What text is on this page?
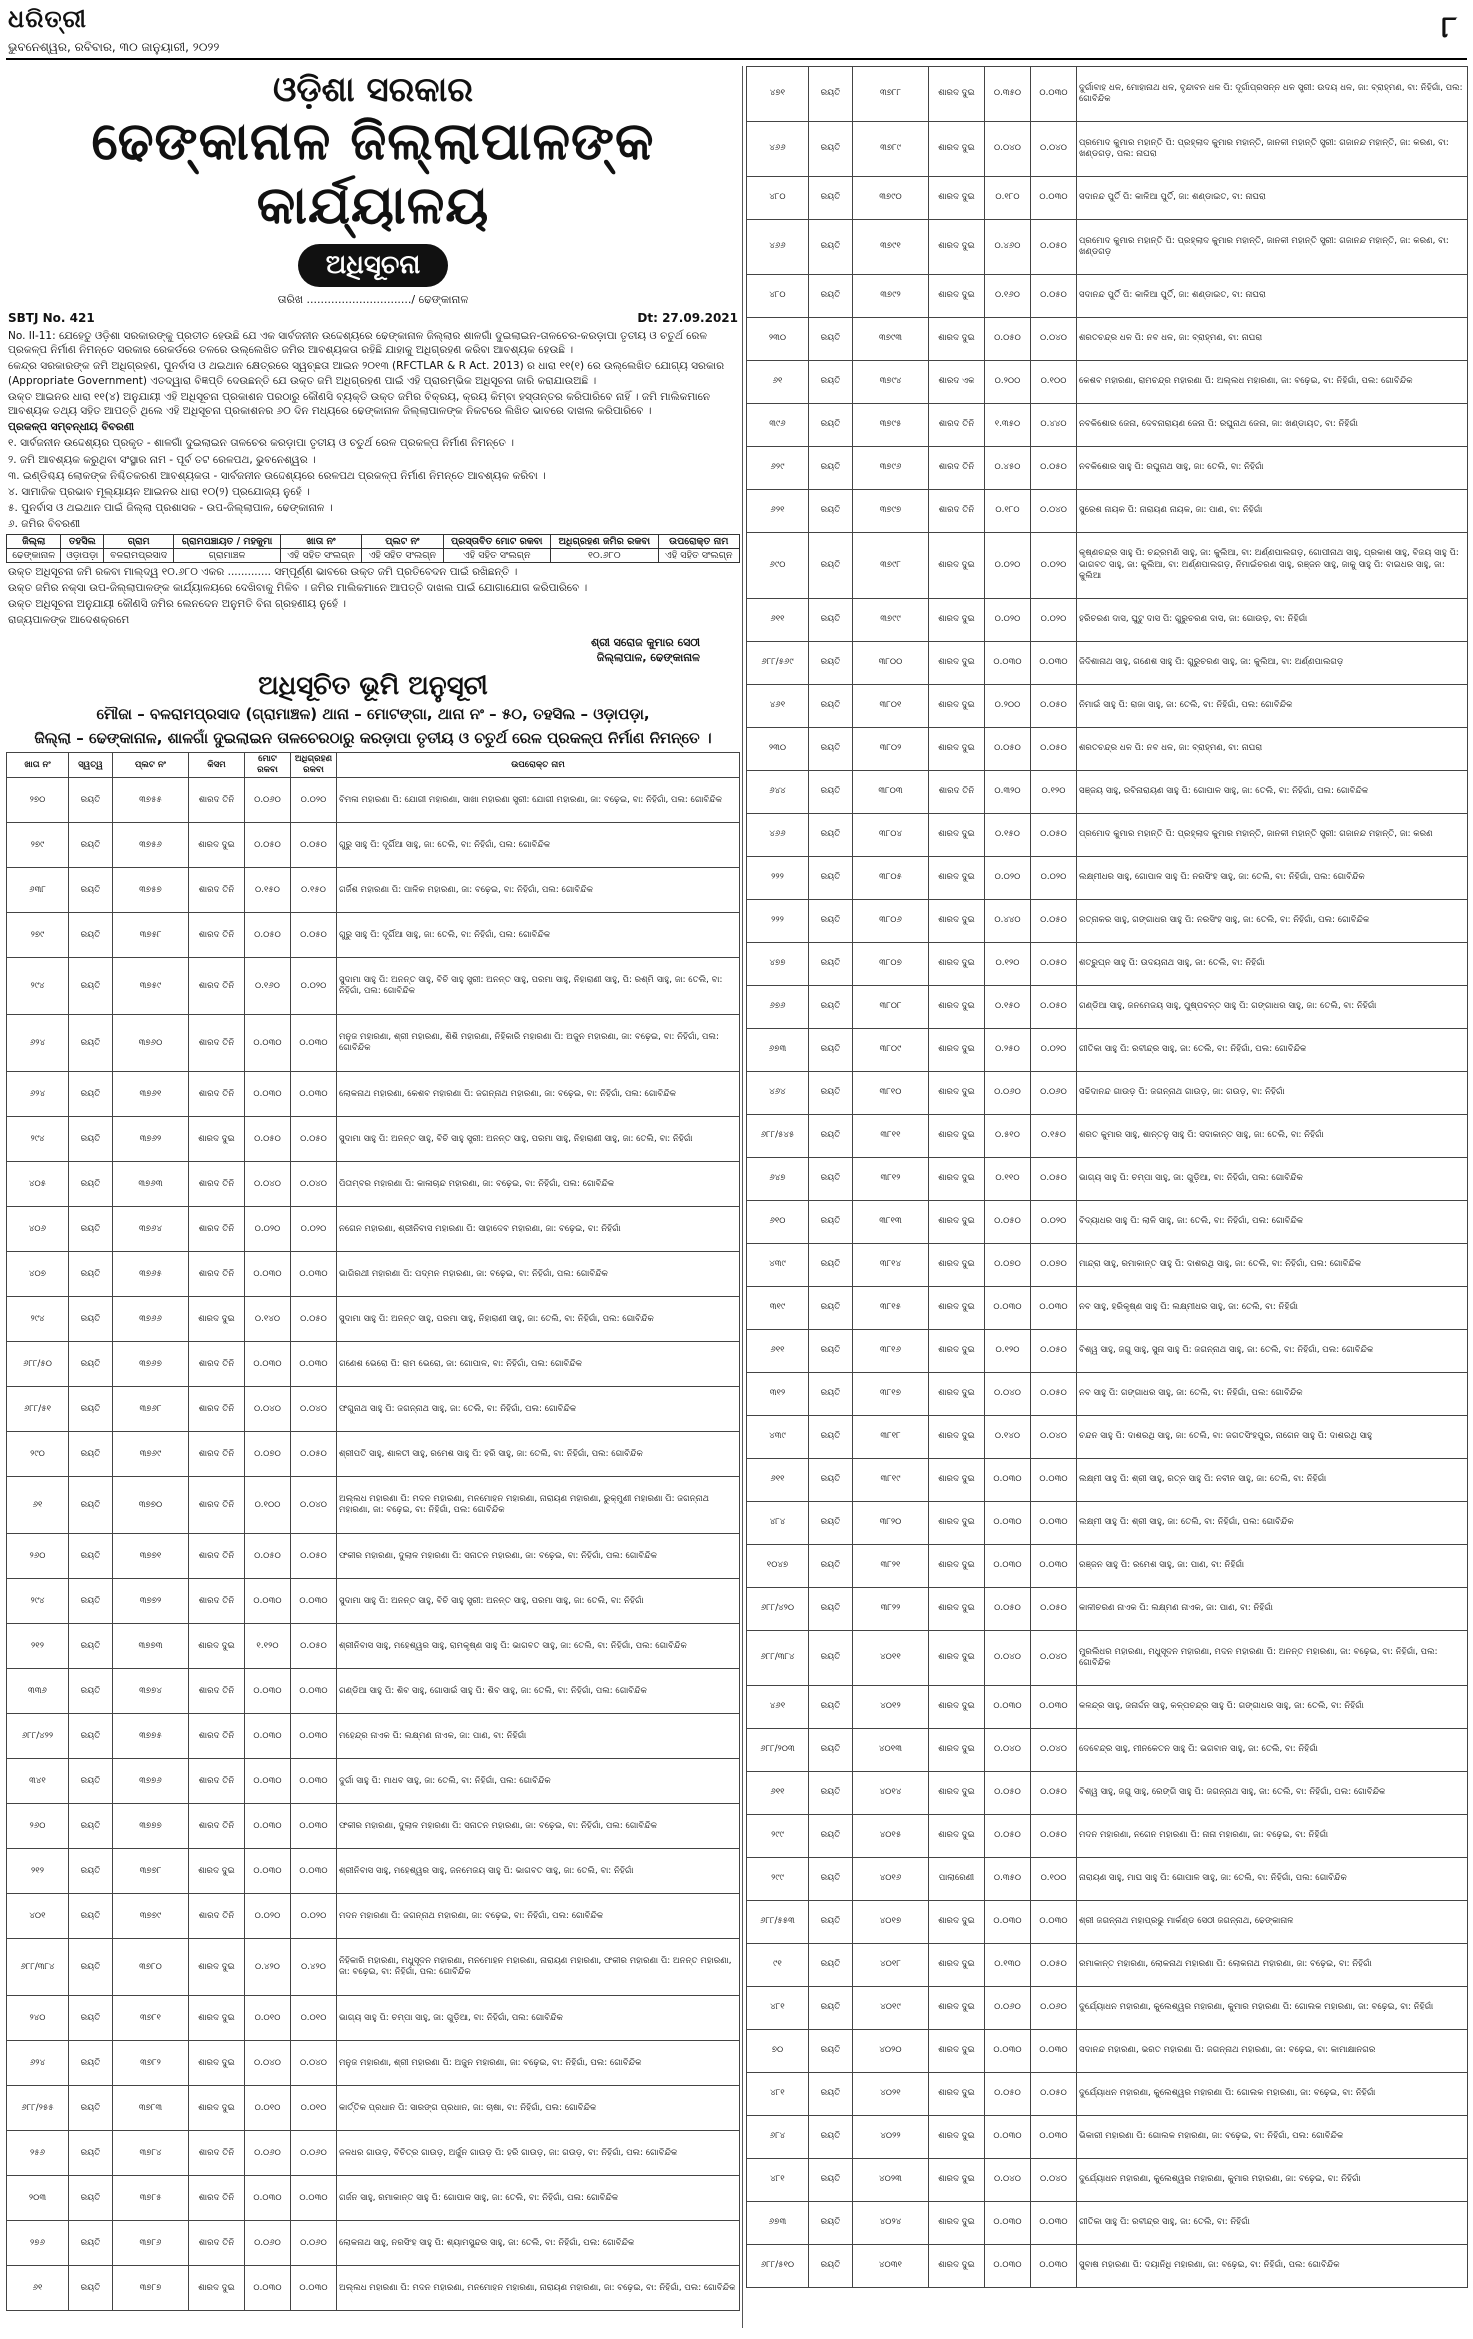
ଧରିତ୍ରୀ
ଭୁବନେଶ୍ୱର, ରବିବାର, ୩୦ ଜାନୁୟାରୀ, ୨୦୨୨
୮
ଓଡ଼ିଶା ସରକାର
ଢେଙ୍କାନାଳ ଜିଲ୍ଲାପାଳଙ୍କ କାର୍ଯ୍ୟାଳୟ
ଅଧିସୂଚନା
ତାରିଖ ............................../ ଢେଙ୍କାନାଳ
SBTJ No. 421	Dt: 27.09.2021
No. II-11: ଯେହେତୁ ଓଡ଼ିଶା ସରକାରଙ୍କୁ ପ୍ରତୀତ ହେଉଛି ଯେ ଏକ ସାର୍ବଜନୀନ ଉଦ୍ଦେଶ୍ୟରେ ଢେଙ୍କାନାଳ ଜିଲ୍ଲାର ଶାଳଗାଁ ଦୁଇଲାଇନ-ତାଳଚେର-କରଡ଼ାପା ତୃତୀୟ ଓ ଚତୁର୍ଥ ରେଳ ପ୍ରକଳ୍ପ ନିର୍ମାଣ ନିମନ୍ତେ ସରକାର ରେକର୍ଡରେ ତଳରେ ଉଲ୍ଲେଖିତ ଜମିର ଆବଶ୍ୟକତା ରହିଛି ଯାହାକୁ ଅଧିଗ୍ରହଣ କରିବା ଆବଶ୍ୟକ ହେଉଛି ।
କେନ୍ଦ୍ର ସରକାରଙ୍କ ଜମି ଅଧିଗ୍ରହଣ, ପୁନର୍ବାସ ଓ ଥଇଥାନ କ୍ଷେତ୍ରରେ ସ୍ୱଚ୍ଛତା ଆଇନ ୨୦୧୩ (RFCTLAR & R Act. 2013) ର ଧାରା ୧୧(୧) ରେ ଉଲ୍ଲେଖିତ ଯୋଗ୍ୟ ସରକାର (Appropriate Government) ଏତଦ୍ୱାରା ବିଜ୍ଞପ୍ତି ଦେଉଛନ୍ତି ଯେ ଉକ୍ତ ଜମି ଅଧିଗ୍ରହଣ ପାଇଁ ଏହି ପ୍ରାରମ୍ଭିକ ଅଧିସୂଚନା ଜାରି କରାଯାଉଅଛି ।
ଉକ୍ତ ଆଇନର ଧାରା ୧୧(୪) ଅନୁଯାୟୀ ଏହି ଅଧିସୂଚନା ପ୍ରକାଶନ ପରଠାରୁ କୌଣସି ବ୍ୟକ୍ତି ଉକ୍ତ ଜମିର ବିକ୍ରୟ, କ୍ରୟ କିମ୍ବା ହସ୍ତାନ୍ତର କରିପାରିବେ ନାହିଁ । ଜମି ମାଲିକମାନେ ଆବଶ୍ୟକ ତଥ୍ୟ ସହିତ ଆପତ୍ତି ଥିଲେ ଏହି ଅଧିସୂଚନା ପ୍ରକାଶନର ୬୦ ଦିନ ମଧ୍ୟରେ ଢେଙ୍କାନାଳ ଜିଲ୍ଲାପାଳଙ୍କ ନିକଟରେ ଲିଖିତ ଭାବରେ ଦାଖଲ କରିପାରିବେ ।
ପ୍ରକଳ୍ପ ସମ୍ବନ୍ଧୀୟ ବିବରଣୀ
୧. ସାର୍ବଜନୀନ ଉଦ୍ଦେଶ୍ୟର ପ୍ରକୃତ - ଶାଳଗାଁ ଦୁଇଲାଇନ ତାଳଚେର କରଡ଼ାପା ତୃତୀୟ ଓ ଚତୁର୍ଥ ରେଳ ପ୍ରକଳ୍ପ ନିର୍ମାଣ ନିମନ୍ତେ ।
୨. ଜମି ଆବଶ୍ୟକ କରୁଥିବା ସଂସ୍ଥାର ନାମ - ପୂର୍ବ ତଟ ରେଳପଥ, ଭୁବନେଶ୍ୱର ।
୩. ଇଣ୍ଡିଶ୍ଚୟ ଲୋକଙ୍କ ନିଶ୍ଚିତକରଣ ଆବଶ୍ୟକତା - ସାର୍ବଜନୀନ ଉଦ୍ଦେଶ୍ୟରେ ରେଳପଥ ପ୍ରକଳ୍ପ ନିର୍ମାଣ ନିମନ୍ତେ ଆବଶ୍ୟକ କରିବା ।
୪. ସାମାଜିକ ପ୍ରଭାବ ମୂଲ୍ୟାୟନ ଆଇନର ଧାରା ୧୦(୨) ପ୍ରଯୋଜ୍ୟ ନୁହେଁ ।
୫. ପୁନର୍ବାସ ଓ ଥଇଥାନ ପାଇଁ ଜିଲ୍ଲା ପ୍ରଶାସକ - ଉପ-ଜିଲ୍ଲାପାଳ, ଢେଙ୍କାନାଳ ।
୬. ଜମିର ବିବରଣୀ
ଜିଲ୍ଲା	ତହସିଲ	ଗ୍ରାମ	ଗ୍ରାମପଞ୍ଚାୟତ / ମହକୁମା	ଖାତା ନଂ	ପ୍ଲଟ ନଂ	ପ୍ରସ୍ତାବିତ ମୋଟ ରକବା	ଅଧିଗ୍ରହଣ ଜମିର ରକବା	ଉପରୋକ୍ତ ନାମ
ଢେଙ୍କାନାଳ	ଓଡ଼ାପଡ଼ା	ବଳରାମପ୍ରସାଦ	ଗ୍ରାମାଞ୍ଚଳ	ଏହି ସହିତ ସଂଲଗ୍ନ	ଏହି ସହିତ ସଂଲଗ୍ନ	ଏହି ସହିତ ସଂଲଗ୍ନ	୧୦.୬୮୦	ଏହି ସହିତ ସଂଲଗ୍ନ
ଉକ୍ତ ଅଧିସୂଚନା ଜମି ରକବା ମାଲ୍ଦ୍ୱ ୧୦.୬୮୦ ଏକର ............. ସମ୍ପୂର୍ଣ୍ଣ ଭାବରେ ଉକ୍ତ ଜମି ପ୍ରତିବେଦନ ପାଇଁ ରଖିଛନ୍ତି ।
ଉକ୍ତ ଜମିର ନକ୍ସା ଉପ-ଜିଲ୍ଲାପାଳଙ୍କ କାର୍ଯ୍ୟାଳୟରେ ଦେଖିବାକୁ ମିଳିବ । ଜମିର ମାଲିକମାନେ ଆପତ୍ତି ଦାଖଲ ପାଇଁ ଯୋଗାଯୋଗ କରିପାରିବେ ।
ଉକ୍ତ ଅଧିସୂଚନା ଅନୁଯାୟୀ କୌଣସି ଜମିର ଲେନଦେନ ଅନୁମତି ବିନା ଗ୍ରହଣୀୟ ନୁହେଁ ।
ରାଜ୍ୟପାଳଙ୍କ ଆଦେଶକ୍ରମେ
ଶ୍ରୀ ସରୋଜ କୁମାର ସେଠୀ
ଜିଲ୍ଲାପାଳ, ଢେଙ୍କାନାଳ
ଅଧିସୂଚିତ ଭୂମି ଅନୁସୂଚୀ
ମୌଜା – ବଳରାମପ୍ରସାଦ (ଗ୍ରାମାଞ୍ଚଳ) ଥାନା – ମୋଟଙ୍ଗା, ଥାନା ନଂ – ୫୦, ତହସିଲ – ଓଡ଼ାପଡ଼ା,
ଜିଲ୍ଲା – ଢେଙ୍କାନାଳ, ଶାଳଗାଁ ଦୁଇଲାଇନ ତାଳଚେରଠାରୁ କରଡ଼ାପା ତୃତୀୟ ଓ ଚତୁର୍ଥ ରେଳ ପ୍ରକଳ୍ପ ନିର୍ମାଣ ନିମନ୍ତେ ।
ଖାତା ନଂ	ସ୍ୱତ୍ୱ	ପ୍ଲଟ ନଂ	କିସମ	ମୋଟ ରକବା	ଅଧିଗ୍ରହଣ ରକବା	ଉପରୋକ୍ତ ନାମ
୨୭୦	ରୟତି	୩୭୫୫	ଶାରଦ ତିନି	୦.୦୬୦	୦.୦୨୦	ବିମଳା ମହାରଣା ପି: ଯୋଗୀ ମହାରଣା, ସାଖା ମହାରଣା ସ୍ତ୍ରୀ: ଯୋଗୀ ମହାରଣା, ଜା: ବଢ଼େଇ, ବା: ନିହିଗାଁ, ପଲ: ଗୋବିନ୍ଦିକ
୨୭୯	ରୟତି	୩୭୫୬	ଶାରଦ ଦୁଇ	୦.୦୫୦	୦.୦୫୦	ଗୁରୁ ସାହୁ ପି: ଦୂର୍ଗିଆ ସାହୁ, ଜା: ତେଲି, ବା: ନିହିଗାଁ, ପଲ: ଗୋବିନ୍ଦିକ
୬୩୮	ରୟତି	୩୭୫୭	ଶାରଦ ତିନି	୦.୧୫୦	୦.୧୫୦	ଗର୍ଜିଶ ମହାରଣା ପି: ପାଳିକ ମହାରଣା, ଜା: ବଢ଼େଇ, ବା: ନିହିଗାଁ, ପଲ: ଗୋବିନ୍ଦିକ
୨୭୯	ରୟତି	୩୭୫୮	ଶାରଦ ତିନି	୦.୦୫୦	୦.୦୫୦	ଗୁରୁ ସାହୁ ପି: ଦୂର୍ଗିଆ ସାହୁ, ଜା: ତେଲି, ବା: ନିହିଗାଁ, ପଲ: ଗୋବିନ୍ଦିକ
୨୯୪	ରୟତି	୩୭୫୯	ଶାରଦ ତିନି	୦.୧୬୦	୦.୦୨୦	ସୁଦାମା ସାହୁ ପି: ଅନନ୍ତ ସାହୁ, ବିଚି ସାହୁ ସ୍ତ୍ରୀ: ଅନନ୍ତ ସାହୁ, ପରମା ସାହୁ, ନିହାରାଣୀ ସାହୁ, ପି: ରଶ୍ମି ସାହୁ, ଜା: ତେଲି, ବା: ନିହିଗାଁ, ପଲ: ଗୋବିନ୍ଦିକ
୬୨୪	ରୟତି	୩୭୬୦	ଶାରଦ ତିନି	୦.୦୩୦	୦.୦୩୦	ମନୁଜ ମହାରଣା, ଶ୍ରୀ ମହାରଣା, ଶିଶି ମହାରଣା, ନିହିକାରି ମହାରଣା ପି: ଅଜୁନ ମହାରଣା, ଜା: ବଢ଼େଇ, ବା: ନିହିଗାଁ, ପଲ: ଗୋବିନ୍ଦିକ
୬୨୪	ରୟତି	୩୭୬୧	ଶାରଦ ତିନି	୦.୦୩୦	୦.୦୩୦	ଲୋକନାଥ ମହାରଣା, କେଶବ ମହାରଣା ପି: ଜଗନ୍ନାଥ ମହାରଣା, ଜା: ବଢ଼େଇ, ବା: ନିହିଗାଁ, ପଲ: ଗୋବିନ୍ଦିକ
୨୯୪	ରୟତି	୩୭୬୨	ଶାରଦ ଦୁଇ	୦.୦୫୦	୦.୦୫୦	ସୁଦାମା ସାହୁ ପି: ଅନନ୍ତ ସାହୁ, ବିଚି ସାହୁ ସ୍ତ୍ରୀ: ଅନନ୍ତ ସାହୁ, ପରମା ସାହୁ, ନିହାରାଣୀ ସାହୁ, ଜା: ତେଲି, ବା: ନିହିଗାଁ
୪୦୫	ରୟତି	୩୭୬୩	ଶାରଦ ତିନି	୦.୦୪୦	୦.୦୪୦	ପିତାମ୍ବର ମହାରଣା ପି: କାଳାଚାନ୍ଦ ମହାରଣା, ଜା: ବଢ଼େଇ, ବା: ନିହିଗାଁ, ପଲ: ଗୋବିନ୍ଦିକ
୪୦୬	ରୟତି	୩୭୬୪	ଶାରଦ ତିନି	୦.୦୨୦	୦.୦୨୦	ନଗେନ ମହାରଣା, ଶ୍ରୀନିବାସ ମହାରଣା ପି: ସାହାଦେବ ମହାରଣା, ଜା: ବଢ଼େଇ, ବା: ନିହିଗାଁ
୪୦୭	ରୟତି	୩୭୬୫	ଶାରଦ ତିନି	୦.୦୩୦	୦.୦୩୦	ଭାଗିରଥୀ ମହାରଣା ପି: ପଦ୍ମନ ମହାରଣା, ଜା: ବଢ଼େଇ, ବା: ନିହିଗାଁ, ପଲ: ଗୋବିନ୍ଦିକ
୨୯୪	ରୟତି	୩୭୬୬	ଶାରଦ ଦୁଇ	୦.୧୪୦	୦.୦୫୦	ସୁଦାମା ସାହୁ ପି: ଅନନ୍ତ ସାହୁ, ପରମା ସାହୁ, ନିହାରାଣୀ ସାହୁ, ଜା: ତେଲି, ବା: ନିହିଗାଁ, ପଲ: ଗୋବିନ୍ଦିକ
୬୮୮/୫୦	ରୟତି	୩୭୬୭	ଶାରଦ ତିନି	୦.୦୩୦	୦.୦୩୦	ଗଣେଶ ଭେରୋ ପି: ରାମ ଭେରୋ, ଜା: ଗୋପାଳ, ବା: ନିହିଗାଁ, ପଲ: ଗୋବିନ୍ଦିକ
୬୮୮/୫୧	ରୟତି	୩୭୬୮	ଶାରଦ ତିନି	୦.୦୪୦	୦.୦୪୦	ଫଗୁନାଥ ସାହୁ ପି: ଜଗନ୍ନାଥ ସାହୁ, ଜା: ତେଲି, ବା: ନିହିଗାଁ, ପଲ: ଗୋବିନ୍ଦିକ
୨୯୦	ରୟତି	୩୭୬୯	ଶାରଦ ତିନି	୦.୦୭୦	୦.୦୫୦	ଶ୍ରୀପତି ସାହୁ, ଶାଳତୀ ସାହୁ, ରମେଶ ସାହୁ ପି: ହରି ସାହୁ, ଜା: ତେଲି, ବା: ନିହିଗାଁ, ପଲ: ଗୋବିନ୍ଦିକ
୬୧	ରୟତି	୩୭୭୦	ଶାରଦ ତିନି	୦.୧୦୦	୦.୦୪୦	ଅଲ୍ଲଧ ମହାରଣା ପି: ମଦନ ମହାରଣା, ମନମୋହନ ମହାରଣା, ନାରାୟଣ ମହାରଣା, ରୁକ୍ମୁଣୀ ମହାରଣା ପି: ଜଗନ୍ନାଥ ମହାରଣା, ଜା: ବଢ଼େଇ, ବା: ନିହିଗାଁ, ପଲ: ଗୋବିନ୍ଦିକ
୨୬୦	ରୟତି	୩୭୭୧	ଶାରଦ ତିନି	୦.୦୫୦	୦.୦୫୦	ଫକୀର ମହାରଣା, ଦୁଲାଳ ମହାରଣା ପି: ସନାତନ ମହାରଣା, ଜା: ବଢ଼େଇ, ବା: ନିହିଗାଁ, ପଲ: ଗୋବିନ୍ଦିକ
୨୯୪	ରୟତି	୩୭୭୨	ଶାରଦ ତିନି	୦.୦୩୦	୦.୦୩୦	ସୁଦାମା ସାହୁ ପି: ଅନନ୍ତ ସାହୁ, ବିଚି ସାହୁ ସ୍ତ୍ରୀ: ଅନନ୍ତ ସାହୁ, ପରମା ସାହୁ, ଜା: ତେଲି, ବା: ନିହିଗାଁ
୨୧୨	ରୟତି	୩୭୭୩	ଶାରଦ ଦୁଇ	୧.୧୨୦	୦.୦୫୦	ଶ୍ରୀନିବାସ ସାହୁ, ମହେଶ୍ୱର ସାହୁ, ରାମକୃଷ୍ଣ ସାହୁ ପି: ଭାଗବତ ସାହୁ, ଜା: ତେଲି, ବା: ନିହିଗାଁ, ପଲ: ଗୋବିନ୍ଦିକ
୩୩୬	ରୟତି	୩୭୭୪	ଶାରଦ ତିନି	୦.୦୩୦	୦.୦୩୦	ଗଣ୍ଡିଆ ସାହୁ ପି: ଶିବ ସାହୁ, ଗୋସାଇଁ ସାହୁ ପି: ଶିବ ସାହୁ, ଜା: ତେଲି, ବା: ନିହିଗାଁ, ପଲ: ଗୋବିନ୍ଦିକ
୬୮୮/୪୨୨	ରୟତି	୩୭୭୫	ଶାରଦ ତିନି	୦.୦୩୦	୦.୦୩୦	ମହେନ୍ଦ୍ର ନାଏକ ପି: ଲକ୍ଷ୍ମଣ ନାଏକ, ଜା: ପାଣ, ବା: ନିହିଗାଁ
୩୪୧	ରୟତି	୩୭୭୬	ଶାରଦ ତିନି	୦.୦୩୦	୦.୦୩୦	ଦୁର୍ଗା ସାହୁ ପି: ମାଧବ ସାହୁ, ଜା: ତେଲି, ବା: ନିହିଗାଁ, ପଲ: ଗୋବିନ୍ଦିକ
୨୬୦	ରୟତି	୩୭୭୭	ଶାରଦ ତିନି	୦.୦୩୦	୦.୦୩୦	ଫକୀର ମହାରଣା, ଦୁଲାଳ ମହାରଣା ପି: ସନାତନ ମହାରଣା, ଜା: ବଢ଼େଇ, ବା: ନିହିଗାଁ, ପଲ: ଗୋବିନ୍ଦିକ
୨୧୨	ରୟତି	୩୭୭୮	ଶାରଦ ଦୁଇ	୦.୦୩୦	୦.୦୩୦	ଶ୍ରୀନିବାସ ସାହୁ, ମହେଶ୍ୱର ସାହୁ, ଜନମେଜୟ ସାହୁ ପି: ଭାଗବତ ସାହୁ, ଜା: ତେଲି, ବା: ନିହିଗାଁ
୪୦୧	ରୟତି	୩୭୭୯	ଶାରଦ ତିନି	୦.୦୨୦	୦.୦୨୦	ମଦନ ମହାରଣା ପି: ଜଗନ୍ନାଥ ମହାରଣା, ଜା: ବଢ଼େଇ, ବା: ନିହିଗାଁ, ପଲ: ଗୋବିନ୍ଦିକ
୬୮୮/୩୮୪	ରୟତି	୩୭୮୦	ଶାରଦ ଦୁଇ	୦.୪୨୦	୦.୪୨୦	ନିହିକାରି ମହାରଣା, ମଧୁସୂଦନ ମହାରଣା, ମନମୋହନ ମହାରଣା, ନାରାୟଣ ମହାରଣା, ଫକୀର ମହାରଣା ପି: ଅନନ୍ତ ମହାରଣା, ଜା: ବଢ଼େଇ, ବା: ନିହିଗାଁ, ପଲ: ଗୋବିନ୍ଦିକ
୨୪୦	ରୟତି	୩୭୮୧	ଶାରଦ ଦୁଇ	୦.୦୧୦	୦.୦୧୦	ଭାଗ୍ୟ ସାହୁ ପି: ଚମ୍ପା ସାହୁ, ଜା: ଗୁଡ଼ିଆ, ବା: ନିହିଗାଁ, ପଲ: ଗୋବିନ୍ଦିକ
୬୨୪	ରୟତି	୩୭୮୨	ଶାରଦ ଦୁଇ	୦.୦୪୦	୦.୦୪୦	ମନୁଜ ମହାରଣା, ଶ୍ରୀ ମହାରଣା ପି: ଅଜୁନ ମହାରଣା, ଜା: ବଢ଼େଇ, ବା: ନିହିଗାଁ, ପଲ: ଗୋବିନ୍ଦିକ
୬୮୮/୨୫୫	ରୟତି	୩୭୮୩	ଶାରଦ ଦୁଇ	୦.୦୧୦	୦.୦୧୦	କାର୍ତ୍ତିକ ପ୍ରଧାନ ପି: ସାରଙ୍ଗ ପ୍ରଧାନ, ଜା: ଚାଷା, ବା: ନିହିଗାଁ, ପଲ: ଗୋବିନ୍ଦିକ
୨୫୬	ରୟତି	୩୭୮୪	ଶାରଦ ତିନି	୦.୦୬୦	୦.୦୬୦	ଜଳଧର ଗାଉଡ଼, ବିଚିତ୍ର ଗାଉଡ଼, ଅର୍ଜୁନ ଗାଉଡ଼ ପି: ହରି ଗାଉଡ଼, ଜା: ଗଉଡ଼, ବା: ନିହିଗାଁ, ପଲ: ଗୋବିନ୍ଦିକ
୨୦୩	ରୟତି	୩୭୮୫	ଶାରଦ ତିନି	୦.୦୩୦	୦.୦୩୦	ଗର୍ଜନ ସାହୁ, ରମାକାନ୍ତ ସାହୁ ପି: ଗୋପାଳ ସାହୁ, ଜା: ତେଲି, ବା: ନିହିଗାଁ, ପଲ: ଗୋବିନ୍ଦିକ
୨୭୬	ରୟତି	୩୭୮୬	ଶାରଦ ତିନି	୦.୦୬୦	୦.୦୬୦	ଲୋକନାଥ ସାହୁ, ନରସିଂହ ସାହୁ ପି: ଶ୍ୟାମସୁନ୍ଦର ସାହୁ, ଜା: ତେଲି, ବା: ନିହିଗାଁ, ପଲ: ଗୋବିନ୍ଦିକ
୬୧	ରୟତି	୩୭୮୭	ଶାରଦ ଦୁଇ	୦.୦୩୦	୦.୦୩୦	ଅଲ୍ଲଧ ମହାରଣା ପି: ମଦନ ମହାରଣା, ମନମୋହନ ମହାରଣା, ନାରାୟଣ ମହାରଣା, ଜା: ବଢ଼େଇ, ବା: ନିହିଗାଁ, ପଲ: ଗୋବିନ୍ଦିକ
୪୭୧	ରୟତି	୩୭୮୮	ଶାରଦ ଦୁଇ	୦.୩୫୦	୦.୦୩୦	ଦୁର୍ଗାବାହ ଧଳ, ମୋହାନାଥ ଧଳ, ବୃନ୍ଦାବନ ଧଳ ପି: ଦୂର୍ଗାପ୍ରସନ୍ନ ଧଳ ସ୍ତ୍ରୀ: ଉଦୟ ଧଳ, ଜା: ବ୍ରାହ୍ମଣ, ବା: ନିହିଗାଁ, ପଲ: ଗୋବିନ୍ଦିକ
୪୬୬	ରୟତି	୩୭୮୯	ଶାରଦ ଦୁଇ	୦.୦୪୦	୦.୦୪୦	ପ୍ରମୋଦ କୁମାର ମହାନ୍ତି ପି: ପ୍ରହ୍ଲାଦ କୁମାର ମହାନ୍ତି, ଜାନକୀ ମହାନ୍ତି ସ୍ତ୍ରୀ: ଗଜାନନ୍ଦ ମହାନ୍ତି, ଜା: କରଣ, ବା: ଖଣ୍ଡଗଡ଼, ପଲ: ନାଘରା
୪୮୦	ରୟତି	୩୭୯୦	ଶାରଦ ଦୁଇ	୦.୧୮୦	୦.୦୩୦	ସଦାନନ୍ଦ ପୁର୍ତି ପି: କାଳିଆ ପୁର୍ତି, ଜା: ଶଣ୍ଡାଇତ, ବା: ନାଘରା
୪୬୬	ରୟତି	୩୭୯୧	ଶାରଦ ଦୁଇ	୦.୪୬୦	୦.୦୫୦	ପ୍ରମୋଦ କୁମାର ମହାନ୍ତି ପି: ପ୍ରହ୍ଲାଦ କୁମାର ମହାନ୍ତି, ଜାନକୀ ମହାନ୍ତି ସ୍ତ୍ରୀ: ଗଜାନନ୍ଦ ମହାନ୍ତି, ଜା: କରଣ, ବା: ଖଣ୍ଡଗଡ଼
୪୮୦	ରୟତି	୩୭୯୨	ଶାରଦ ଦୁଇ	୦.୧୬୦	୦.୦୫୦	ସଦାନନ୍ଦ ପୁର୍ତି ପି: କାଳିଆ ପୁର୍ତି, ଜା: ଶଣ୍ଡାଇତ, ବା: ନାଘରା
୨୩୦	ରୟତି	୩୭୯୩	ଶାରଦ ଦୁଇ	୦.୦୫୦	୦.୦୪୦	ଶରତଚନ୍ଦ୍ର ଧଳ ପି: ନବ ଧଳ, ଜା: ବ୍ରାହ୍ମଣ, ବା: ନାଘରା
୬୧	ରୟତି	୩୭୯୪	ଶାରଦ ଏକ	୦.୨୦୦	୦.୧୦୦	କେଶବ ମହାରଣା, ରାମଚନ୍ଦ୍ର ମହାରଣା ପି: ଅଲ୍ଲଧ ମହାରଣା, ଜା: ବଢ଼େଇ, ବା: ନିହିଗାଁ, ପଲ: ଗୋବିନ୍ଦିକ
୩୯୬	ରୟତି	୩୭୯୫	ଶାରଦ ତିନି	୧.୩୫୦	୦.୪୪୦	ନବକିଶୋର ଜେନା, ଦେବନାରାୟଣ ଜେନା ପି: ରଘୁନାଥ ଜେନା, ଜା: ଖଣ୍ଡାୟତ, ବା: ନିହିଗାଁ
୬୨୯	ରୟତି	୩୭୯୬	ଶାରଦ ତିନି	୦.୪୫୦	୦.୦୫୦	ନବକିଶୋର ସାହୁ ପି: ରଘୁନାଥ ସାହୁ, ଜା: ତେଲି, ବା: ନିହିଗାଁ
୬୨୧	ରୟତି	୩୭୯୭	ଶାରଦ ତିନି	୦.୧୮୦	୦.୦୪୦	ସୁରେଶ ନାୟକ ପି: ନାରାୟଣ ନାୟକ, ଜା: ପାଣ, ବା: ନିହିଗାଁ
୬୯୦	ରୟତି	୩୭୯୮	ଶାରଦ ଦୁଇ	୦.୦୨୦	୦.୦୨୦	କୃଷ୍ଣଚନ୍ଦ୍ର ସାହୁ ପି: ଚନ୍ଦ୍ରମଣି ସାହୁ, ଜା: କୁଲିଆ, ବା: ଅର୍ଣ୍ଣପାଲଗଡ଼, ଗୋପୀନାଥ ସାହୁ, ପ୍ରକାଶ ସାହୁ, ବିଜୟ ସାହୁ ପି: ଭାଗବତ ସାହୁ, ଜା: କୁଲିଆ, ବା: ଅର୍ଣ୍ଣପାଲଗଡ଼, ନିମାଇଁଚରଣ ସାହୁ, ରଞ୍ଜନ ସାହୁ, ଜାକୁ ସାହୁ ପି: ବାଇଧର ସାହୁ, ଜା: କୁଲିଆ
୬୧୧	ରୟତି	୩୭୯୯	ଶାରଦ ଦୁଇ	୦.୦୨୦	୦.୦୨୦	ହରିଚରଣ ଦାସ, ଘୁଟୁ ଦାସ ପି: ଗୁରୁଚରଣ ଦାସ, ଜା: ଗୋଉଡ଼, ବା: ନିହିଗାଁ
୬୮୮/୫୬୯	ରୟତି	୩୮୦୦	ଶାରଦ ଦୁଇ	୦.୦୩୦	୦.୦୩୦	ଜିଦିଶାନାଥ ସାହୁ, ଗଣେଶ ସାହୁ ପି: ଗୁରୁଚରଣ ସାହୁ, ଜା: କୁଲିଆ, ବା: ଅର୍ଣ୍ଣପାଲଗଡ଼
୪୬୧	ରୟତି	୩୮୦୧	ଶାରଦ ଦୁଇ	୦.୨୦୦	୦.୦୫୦	ନିମାଇଁ ସାହୁ ପି: ରାଜା ସାହୁ, ଜା: ତେଲି, ବା: ନିହିଗାଁ, ପଲ: ଗୋବିନ୍ଦିକ
୨୩୦	ରୟତି	୩୮୦୨	ଶାରଦ ଦୁଇ	୦.୦୫୦	୦.୦୫୦	ଶରତଚନ୍ଦ୍ର ଧଳ ପି: ନବ ଧଳ, ଜା: ବ୍ରାହ୍ମଣ, ବା: ନାଘରା
୬୪୪	ରୟତି	୩୮୦୩	ଶାରଦ ତିନି	୦.୩୨୦	୦.୧୨୦	ସଞ୍ଜୟ ସାହୁ, ରବିନାରାୟଣ ସାହୁ ପି: ଗୋପାଳ ସାହୁ, ଜା: ତେଲି, ବା: ନିହିଗାଁ, ପଲ: ଗୋବିନ୍ଦିକ
୪୬୬	ରୟତି	୩୮୦୪	ଶାରଦ ଦୁଇ	୦.୧୫୦	୦.୦୫୦	ପ୍ରମୋଦ କୁମାର ମହାନ୍ତି ପି: ପ୍ରହ୍ଲାଦ କୁମାର ମହାନ୍ତି, ଜାନକୀ ମହାନ୍ତି ସ୍ତ୍ରୀ: ଗଜାନନ୍ଦ ମହାନ୍ତି, ଜା: କରଣ
୨୨୨	ରୟତି	୩୮୦୫	ଶାରଦ ଦୁଇ	୦.୦୨୦	୦.୦୨୦	ଲକ୍ଷ୍ମୀଧର ସାହୁ, ଗୋପାଳ ସାହୁ ପି: ନରସିଂହ ସାହୁ, ଜା: ତେଲି, ବା: ନିହିଗାଁ, ପଲ: ଗୋବିନ୍ଦିକ
୨୨୨	ରୟତି	୩୮୦୬	ଶାରଦ ଦୁଇ	୦.୪୪୦	୦.୦୫୦	ରତ୍ନାକର ସାହୁ, ଗଙ୍ଗାଧର ସାହୁ ପି: ନରସିଂହ ସାହୁ, ଜା: ତେଲି, ବା: ନିହିଗାଁ, ପଲ: ଗୋବିନ୍ଦିକ
୪୭୭	ରୟତି	୩୮୦୭	ଶାରଦ ଦୁଇ	୦.୧୨୦	୦.୦୫୦	ଶତ୍ରୁଘ୍ନ ସାହୁ ପି: ଉଦୟନାଥ ସାହୁ, ଜା: ତେଲି, ବା: ନିହିଗାଁ
୬୭୬	ରୟତି	୩୮୦୮	ଶାରଦ ଦୁଇ	୦.୧୫୦	୦.୦୫୦	ଗଣ୍ଡିଆ ସାହୁ, ଜନମେଜୟ ସାହୁ, ପୁଷ୍ପବନ୍ତ ସାହୁ ପି: ଗଙ୍ଗାଧର ସାହୁ, ଜା: ତେଲି, ବା: ନିହିଗାଁ
୬୭୩	ରୟତି	୩୮୦୯	ଶାରଦ ଦୁଇ	୦.୨୫୦	୦.୦୨୦	ଗୀତିକା ସାହୁ ପି: ରବୀନ୍ଦ୍ର ସାହୁ, ଜା: ତେଲି, ବା: ନିହିଗାଁ, ପଲ: ଗୋବିନ୍ଦିକ
୪୬୪	ରୟତି	୩୮୧୦	ଶାରଦ ଦୁଇ	୦.୦୬୦	୦.୦୬୦	ସଚ୍ଚିଦାନନ୍ଦ ଗାଉଡ଼ ପି: ଜଗନ୍ନାଥ ଗାଉଡ଼, ଜା: ଗଉଡ଼, ବା: ନିହିଗାଁ
୬୮୮/୫୪୫	ରୟତି	୩୮୧୧	ଶାରଦ ଦୁଇ	୦.୫୧୦	୦.୧୫୦	ଶରତ କୁମାର ସାହୁ, ଶାନ୍ତନୁ ସାହୁ ପି: ସଦାକାନ୍ତ ସାହୁ, ଜା: ତେଲି, ବା: ନିହିଗାଁ
୬୪୭	ରୟତି	୩୮୧୨	ଶାରଦ ଦୁଇ	୦.୧୧୦	୦.୦୫୦	ଭାଗ୍ୟ ସାହୁ ପି: ଚମ୍ପା ସାହୁ, ଜା: ଗୁଡ଼ିଆ, ବା: ନିହିଗାଁ, ପଲ: ଗୋବିନ୍ଦିକ
୬୧୦	ରୟତି	୩୮୧୩	ଶାରଦ ଦୁଇ	୦.୦୫୦	୦.୦୨୦	ବିଦ୍ୟାଧର ସାହୁ ପି: ଲାଳି ସାହୁ, ଜା: ତେଲି, ବା: ନିହିଗାଁ, ପଲ: ଗୋବିନ୍ଦିକ
୪୩୯	ରୟତି	୩୮୧୪	ଶାରଦ ଦୁଇ	୦.୦୭୦	୦.୦୭୦	ମାନ୍ଦ୍ରା ସାହୁ, ରମାକାନ୍ତ ସାହୁ ପି: ଦାଶରଥି ସାହୁ, ଜା: ତେଲି, ବା: ନିହିଗାଁ, ପଲ: ଗୋବିନ୍ଦିକ
୩୧୯	ରୟତି	୩୮୧୫	ଶାରଦ ଦୁଇ	୦.୦୩୦	୦.୦୩୦	ନବ ସାହୁ, ହରିକୃଷ୍ଣ ସାହୁ ପି: ଲକ୍ଷ୍ମୀଧର ସାହୁ, ଜା: ତେଲି, ବା: ନିହିଗାଁ
୬୧୧	ରୟତି	୩୮୧୬	ଶାରଦ ଦୁଇ	୦.୧୨୦	୦.୦୫୦	ବିଶ୍ୱ ସାହୁ, ଜଗୁ ସାହୁ, ସୁନା ସାହୁ ପି: ଜଗନ୍ନାଥ ସାହୁ, ଜା: ତେଲି, ବା: ନିହିଗାଁ, ପଲ: ଗୋବିନ୍ଦିକ
୩୧୨	ରୟତି	୩୮୧୭	ଶାରଦ ଦୁଇ	୦.୦୪୦	୦.୦୫୦	ନବ ସାହୁ ପି: ଗଙ୍ଗାଧର ସାହୁ, ଜା: ତେଲି, ବା: ନିହିଗାଁ, ପଲ: ଗୋବିନ୍ଦିକ
୪୩୯	ରୟତି	୩୮୧୮	ଶାରଦ ଦୁଇ	୦.୧୪୦	୦.୦୪୦	ଚନ୍ଦନ ସାହୁ ପି: ଦାଶରଥି ସାହୁ, ଜା: ତେଲି, ବା: ଜଗତସିଂହପୁର, ନାଗେନ ସାହୁ ପି: ଦାଶରଥି ସାହୁ
୬୧୧	ରୟତି	୩୮୧୯	ଶାରଦ ଦୁଇ	୦.୦୩୦	୦.୦୩୦	ଲକ୍ଷ୍ମୀ ସାହୁ ପି: ଶ୍ରୀ ସାହୁ, ରତ୍ନ ସାହୁ ପି: ନବୀନ ସାହୁ, ଜା: ତେଲି, ବା: ନିହିଗାଁ
୪୮୪	ରୟତି	୩୮୨୦	ଶାରଦ ଦୁଇ	୦.୦୩୦	୦.୦୩୦	ଲକ୍ଷ୍ମୀ ସାହୁ ପି: ଶ୍ରୀ ସାହୁ, ଜା: ତେଲି, ବା: ନିହିଗାଁ, ପଲ: ଗୋବିନ୍ଦିକ
୧୦୪୭	ରୟତି	୩୮୨୧	ଶାରଦ ଦୁଇ	୦.୦୩୦	୦.୦୩୦	ରଞ୍ଜନ ସାହୁ ପି: ରମେଶ ସାହୁ, ଜା: ପାଣ, ବା: ନିହିଗାଁ
୬୮୮/୪୨୦	ରୟତି	୩୮୨୨	ଶାରଦ ଦୁଇ	୦.୦୫୦	୦.୦୫୦	କାଳୀଚରଣ ନାଏକ ପି: ଲକ୍ଷ୍ମଣ ନାଏକ, ଜା: ପାଣ, ବା: ନିହିଗାଁ
୬୮୮/୩୮୪	ରୟତି	୪୦୧୧	ଶାରଦ ଦୁଇ	୦.୦୪୦	୦.୦୪୦	ମୁରଲିଧର ମହାରଣା, ମଧୁସୂଦନ ମହାରଣା, ମଦନ ମହାରଣା ପି: ଅନନ୍ତ ମହାରଣା, ଜା: ବଢ଼େଇ, ବା: ନିହିଗାଁ, ପଲ: ଗୋବିନ୍ଦିକ
୪୬୧	ରୟତି	୪୦୧୨	ଶାରଦ ଦୁଇ	୦.୦୩୦	୦.୦୩୦	କଳନ୍ଦ୍ର ସାହୁ, ଜନାର୍ଦ୍ଦନ ସାହୁ, କଳ୍ପଚନ୍ଦ୍ର ସାହୁ ପି: ଗଙ୍ଗାଧର ସାହୁ, ଜା: ତେଲି, ବା: ନିହିଗାଁ
୬୮୮/୨୦୩	ରୟତି	୪୦୧୩	ଶାରଦ ଦୁଇ	୦.୦୪୦	୦.୦୪୦	ଦେବେନ୍ଦ୍ର ସାହୁ, ମୀନକେତନ ସାହୁ ପି: ଭଗବାନ ସାହୁ, ଜା: ତେଲି, ବା: ନିହିଗାଁ
୬୧୧	ରୟତି	୪୦୧୪	ଶାରଦ ଦୁଇ	୦.୦୫୦	୦.୦୫୦	ବିଶ୍ୱ ସାହୁ, ଜଗୁ ସାହୁ, ରେଙ୍ଗି ସାହୁ ପି: ଜଗନ୍ନାଥ ସାହୁ, ଜା: ତେଲି, ବା: ନିହିଗାଁ, ପଲ: ଗୋବିନ୍ଦିକ
୨୯୯	ରୟତି	୪୦୧୫	ଶାରଦ ଦୁଇ	୦.୦୫୦	୦.୦୫୦	ମଦନ ମହାରଣା, ନଗେନ ମହାରଣା ପି: ନାନା ମହାରଣା, ଜା: ବଢ଼େଇ, ବା: ନିହିଗାଁ
୨୯୯	ରୟତି	୪୦୧୬	ପାଲାରେଣୀ	୦.୩୫୦	୦.୧୦୦	ନାରାୟଣ ସାହୁ, ମାଘ ସାହୁ ପି: ଗୋପାଳ ସାହୁ, ଜା: ତେଲି, ବା: ନିହିଗାଁ, ପଲ: ଗୋବିନ୍ଦିକ
୬୮୮/୫୫୩	ରୟତି	୪୦୧୭	ଶାରଦ ଦୁଇ	୦.୦୩୦	୦.୦୩୦	ଶ୍ରୀ ଜଗନ୍ନାଥ ମହାପ୍ରଭୁ ମାର୍କଣ୍ଡ ସେଠୀ ଜଗନ୍ନାଥ, ଢେଙ୍କାନାଳ
୯୧	ରୟତି	୪୦୧୮	ଶାରଦ ଦୁଇ	୦.୧୩୦	୦.୦୫୦	ରମାକାନ୍ତ ମହାରଣା, ଲୋକନାଥ ମହାରଣା ପି: ଲୋକନାଥ ମହାରଣା, ଜା: ବଢ଼େଇ, ବା: ନିହିଗାଁ
୪୮୧	ରୟତି	୪୦୧୯	ଶାରଦ ଦୁଇ	୦.୦୬୦	୦.୦୬୦	ଦୁର୍ଯ୍ୟୋଧନ ମହାରଣା, କୁଲେଶ୍ୱର ମହାରଣା, କୁମାର ମହାରଣା ପି: ଗୋଲକ ମହାରଣା, ଜା: ବଢ଼େଇ, ବା: ନିହିଗାଁ
୭୦	ରୟତି	୪୦୨୦	ଶାରଦ ଦୁଇ	୦.୦୩୦	୦.୦୩୦	ସଦାନନ୍ଦ ମହାରଣା, ଭରତ ମହାରଣା ପି: ଜଗନ୍ନାଥ ମହାରଣା, ଜା: ବଢ଼େଇ, ବା: କାମାକ୍ଷାନଗର
୪୮୧	ରୟତି	୪୦୨୧	ଶାରଦ ଦୁଇ	୦.୦୫୦	୦.୦୫୦	ଦୁର୍ଯ୍ୟୋଧନ ମହାରଣା, କୁଲେଶ୍ୱର ମହାରଣା ପି: ଗୋଲକ ମହାରଣା, ଜା: ବଢ଼େଇ, ବା: ନିହିଗାଁ
୬୮୪	ରୟତି	୪୦୨୨	ଶାରଦ ଦୁଇ	୦.୦୩୦	୦.୦୩୦	ଭିକାରୀ ମହାରଣା ପି: ଗୋଲକ ମହାରଣା, ଜା: ବଢ଼େଇ, ବା: ନିହିଗାଁ, ପଲ: ଗୋବିନ୍ଦିକ
୪୮୧	ରୟତି	୪୦୨୩	ଶାରଦ ଦୁଇ	୦.୦୪୦	୦.୦୪୦	ଦୁର୍ଯ୍ୟୋଧନ ମହାରଣା, କୁଲେଶ୍ୱର ମହାରଣା, କୁମାର ମହାରଣା, ଜା: ବଢ଼େଇ, ବା: ନିହିଗାଁ
୬୭୩	ରୟତି	୪୦୨୪	ଶାରଦ ଦୁଇ	୦.୦୩୦	୦.୦୩୦	ଗୀତିକା ସାହୁ ପି: ରବୀନ୍ଦ୍ର ସାହୁ, ଜା: ତେଲି, ବା: ନିହିଗାଁ
୬୮୮/୫୧୦	ରୟତି	୪୦୩୧	ଶାରଦ ଦୁଇ	୦.୦୩୦	୦.୦୩୦	ସୁବାଷ ମହାରଣା ପି: ଦୟାନିଧି ମହାରଣା, ଜା: ବଢ଼େଇ, ବା: ନିହିଗାଁ, ପଲ: ଗୋବିନ୍ଦିକ
